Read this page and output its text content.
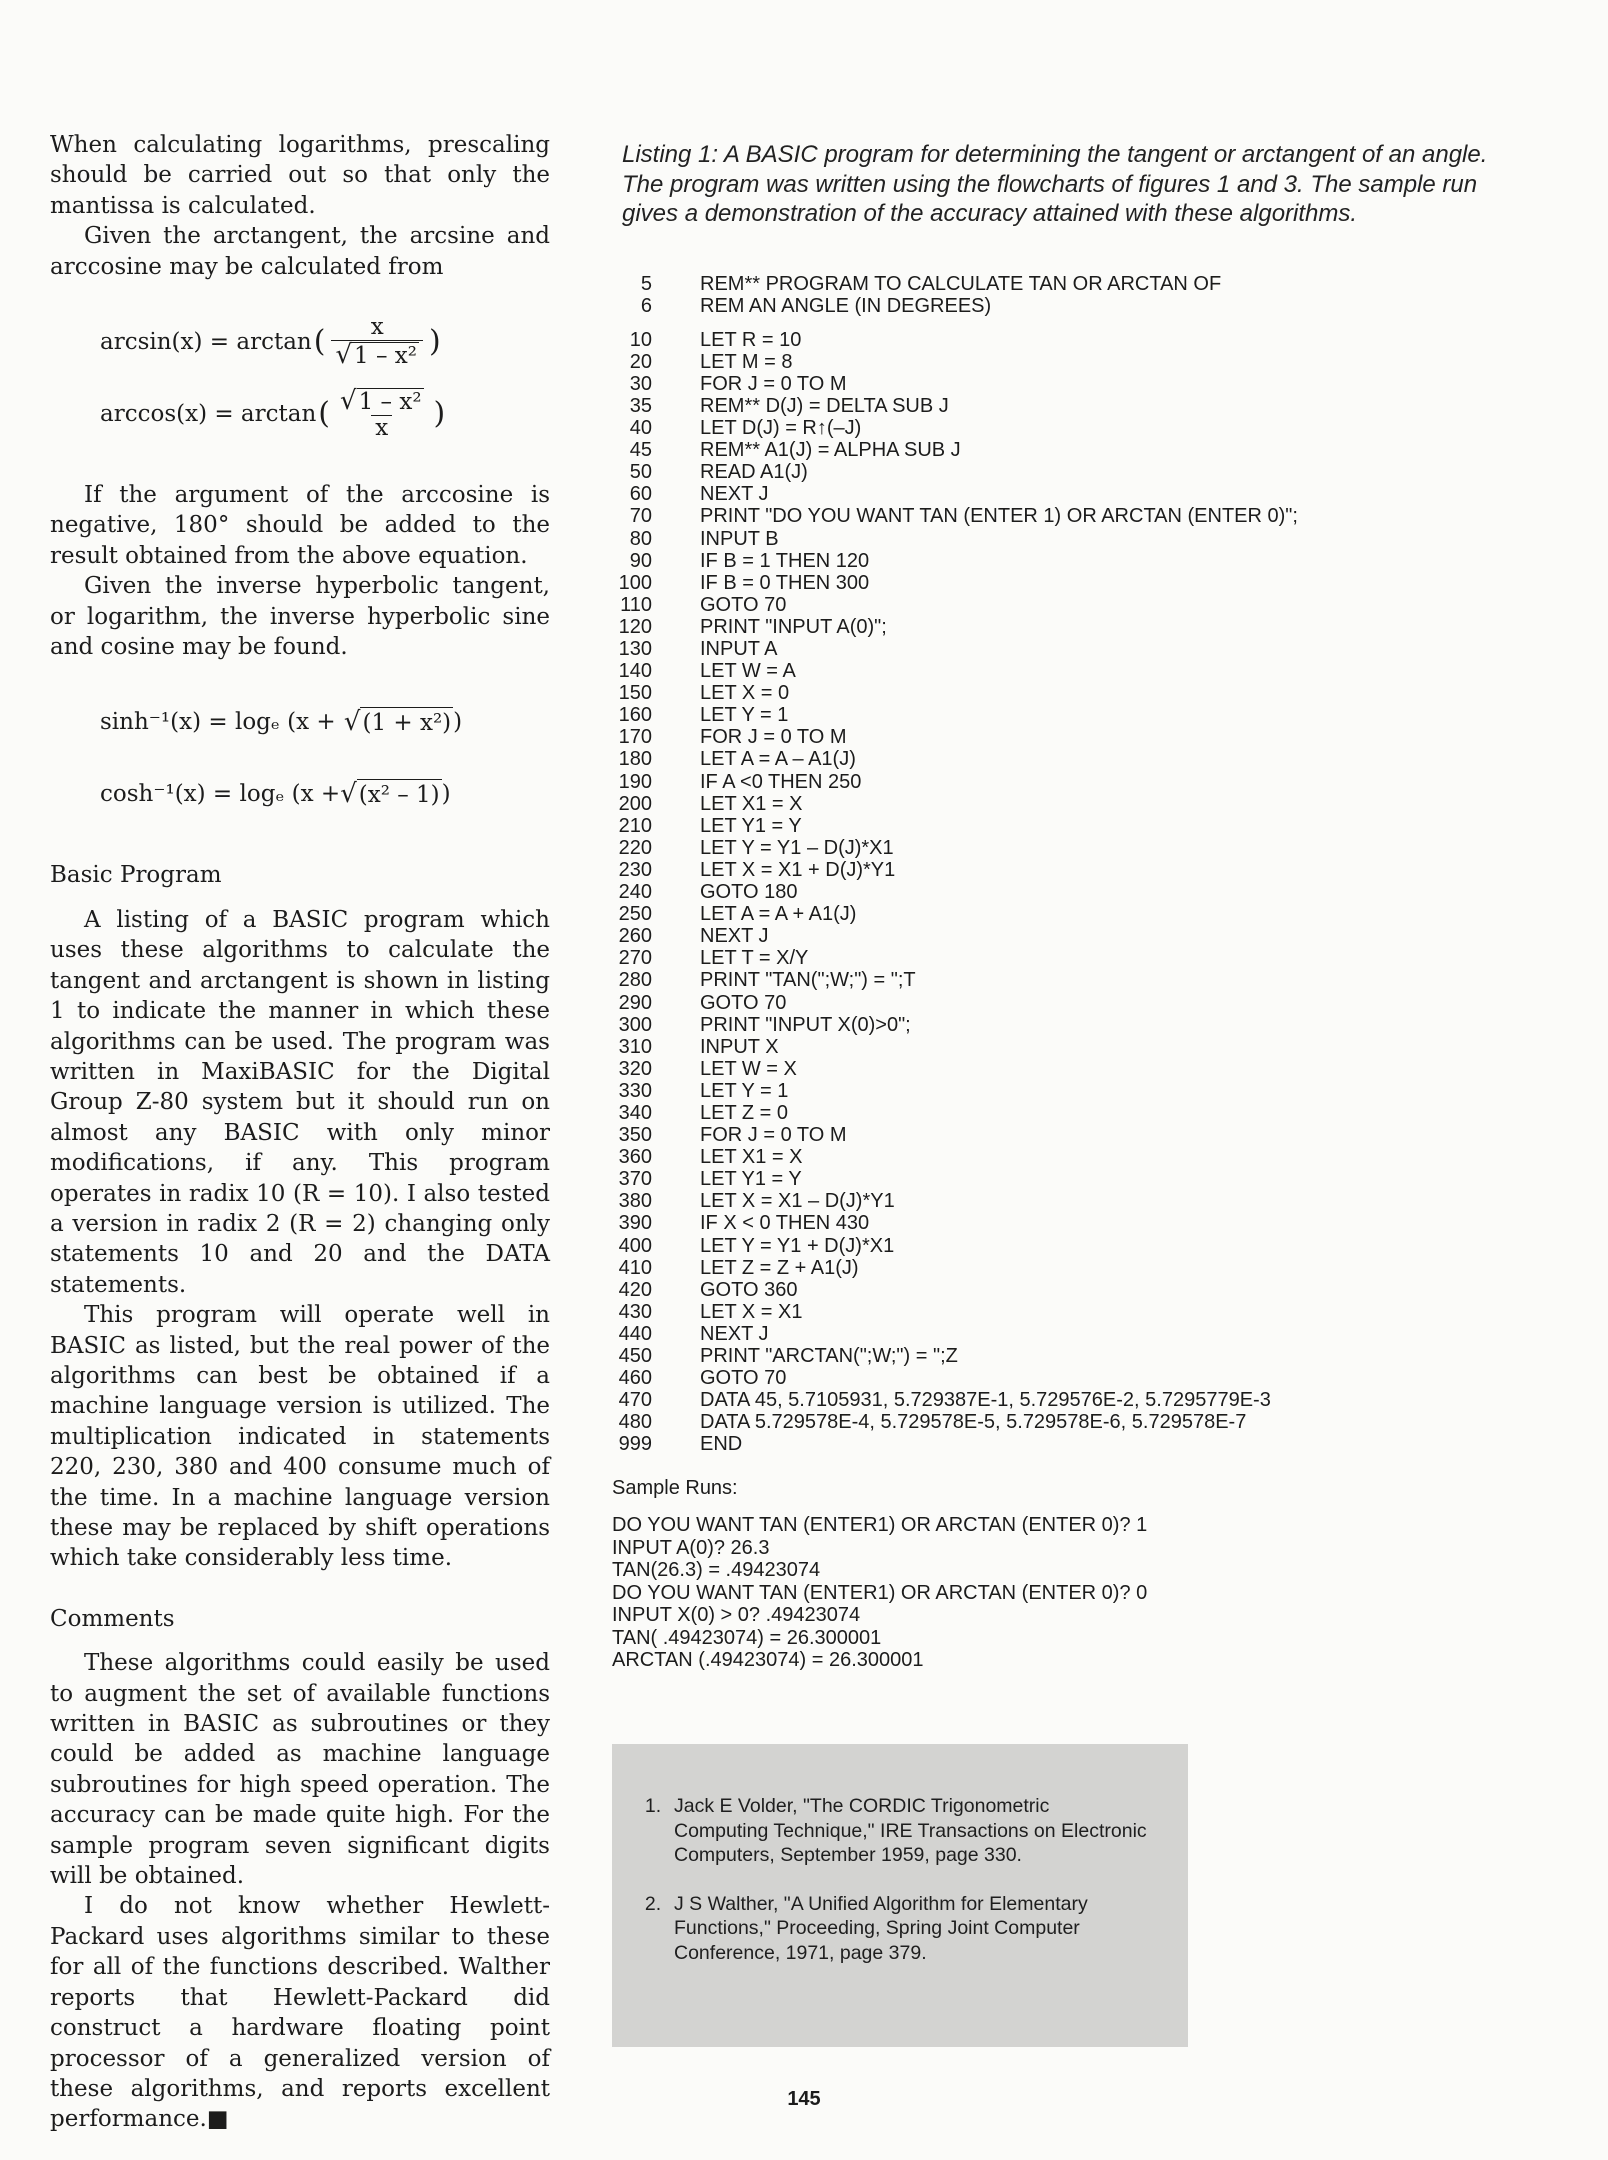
When calculating logarithms, prescaling should be carried out so that only the mantissa is calculated.

Given the arctangent, the arcsine and arccosine may be calculated from

arcsin(x) = arctan ( $\frac{x}{\text{√1 – x²}}$ )
arccos(x) = arctan ( $\frac{\text{√1 – x²}}{x}$ )

If the argument of the arccosine is negative, 180° should be added to the result obtained from the above equation.

Given the inverse hyperbolic tangent, or logarithm, the inverse hyperbolic sine and cosine may be found.

sinh⁻¹(x) = logₑ (x + √ (1 + x²) )
cosh⁻¹(x) = logₑ (x + √ (x² – 1) )
Basic Program

A listing of a BASIC program which uses these algorithms to calculate the tangent and arctangent is shown in listing 1 to indicate the manner in which these algorithms can be used. The program was written in MaxiBASIC for the Digital Group Z-80 system but it should run on almost any BASIC with only minor modifications, if any. This program operates in radix 10 (R = 10). I also tested a version in radix 2 (R = 2) changing only statements 10 and 20 and the DATA statements.

This program will operate well in BASIC as listed, but the real power of the algorithms can best be obtained if a machine language version is utilized. The multiplication indicated in statements 220, 230, 380 and 400 consume much of the time. In a machine language version these may be replaced by shift operations which take considerably less time.

Comments

These algorithms could easily be used to augment the set of available functions written in BASIC as subroutines or they could be added as machine language subroutines for high speed operation. The accuracy can be made quite high. For the sample program seven significant digits will be obtained.

I do not know whether Hewlett-Packard uses algorithms similar to these for all of the functions described. Walther reports that Hewlett-Packard did construct a hardware floating point processor of a generalized version of these algorithms, and reports excellent performance.■

Listing 1: A BASIC program for determining the tangent or arctangent of an angle. The program was written using the flowcharts of figures 1 and 3. The sample run gives a demonstration of the accuracy attained with these algorithms.
5 REM** PROGRAM TO CALCULATE TAN OR ARCTAN OF
6 REM AN ANGLE (IN DEGREES)
10 LET R = 10
20 LET M = 8
30 FOR J = 0 TO M
35 REM** D(J) = DELTA SUB J
40 LET D(J) = R↑(–J)
45 REM** A1(J) = ALPHA SUB J
50 READ A1(J)
60 NEXT J
70 PRINT "DO YOU WANT TAN (ENTER 1) OR ARCTAN (ENTER 0)";
80 INPUT B
90 IF B = 1 THEN 120
100 IF B = 0 THEN 300
110 GOTO 70
120 PRINT "INPUT A(0)";
130 INPUT A
140 LET W = A
150 LET X = 0
160 LET Y = 1
170 FOR J = 0 TO M
180 LET A = A – A1(J)
190 IF A <0 THEN 250
200 LET X1 = X
210 LET Y1 = Y
220 LET Y = Y1 – D(J)*X1
230 LET X = X1 + D(J)*Y1
240 GOTO 180
250 LET A = A + A1(J)
260 NEXT J
270 LET T = X/Y
280 PRINT "TAN(";W;") = ";T
290 GOTO 70
300 PRINT "INPUT X(0)>0";
310 INPUT X
320 LET W = X
330 LET Y = 1
340 LET Z = 0
350 FOR J = 0 TO M
360 LET X1 = X
370 LET Y1 = Y
380 LET X = X1 – D(J)*Y1
390 IF X < 0 THEN 430
400 LET Y = Y1 + D(J)*X1
410 LET Z = Z + A1(J)
420 GOTO 360
430 LET X = X1
440 NEXT J
450 PRINT "ARCTAN(";W;") = ";Z
460 GOTO 70
470 DATA 45, 5.7105931, 5.729387E-1, 5.729576E-2, 5.7295779E-3
480 DATA 5.729578E-4, 5.729578E-5, 5.729578E-6, 5.729578E-7
999 END
Sample Runs:
DO YOU WANT TAN (ENTER1) OR ARCTAN (ENTER 0)? 1
INPUT A(0)? 26.3
TAN(26.3) = .49423074
DO YOU WANT TAN (ENTER1) OR ARCTAN (ENTER 0)? 0
INPUT X(0) > 0? .49423074
TAN( .49423074) = 26.300001
ARCTAN (.49423074) = 26.300001
1. Jack E Volder, "The CORDIC Trigonometric Computing Technique," IRE Transactions on Electronic Computers, September 1959, page 330.
2. J S Walther, "A Unified Algorithm for Elementary Functions," Proceeding, Spring Joint Computer Conference, 1971, page 379.
145
